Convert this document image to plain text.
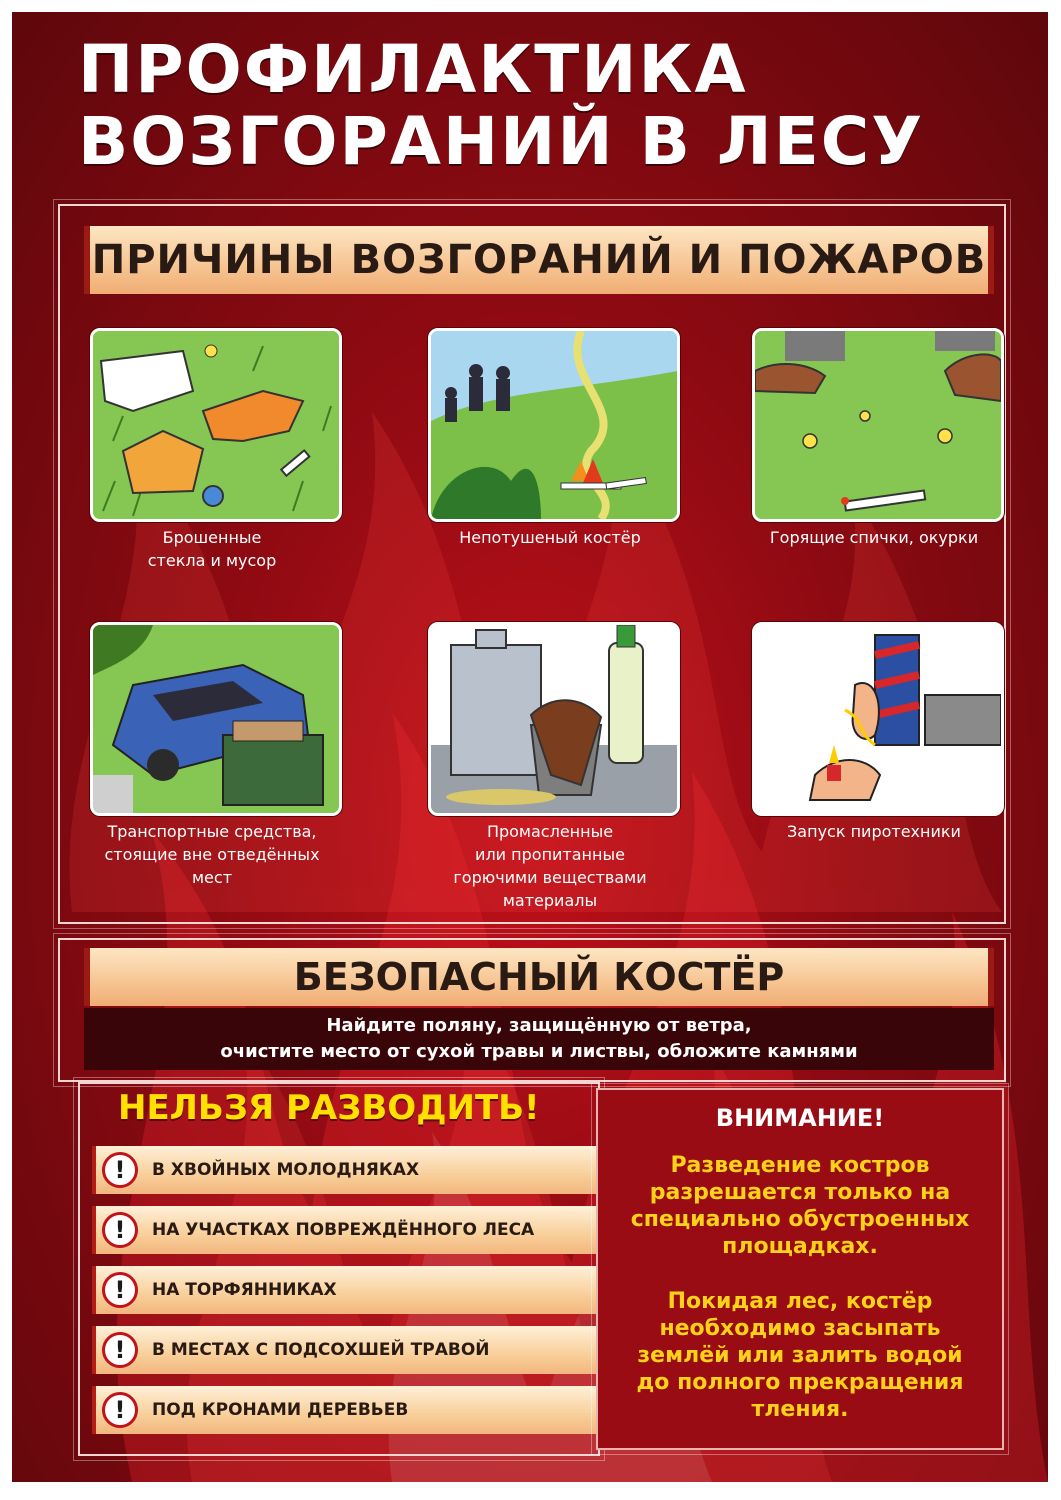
ПРОФИЛАКТИКА
ВОЗГОРАНИЙ В ЛЕСУ
ПРИЧИНЫ ВОЗГОРАНИЙ И ПОЖАРОВ
Брошенные
стекла и мусор
Непотушеный костёр	Горящие спички, окурки
Транспортные средства,
стоящие вне отведённых
мест
Промасленные
или пропитанные
горючими веществами
материалы
Запуск пиротехники
БЕЗОПАСНЫЙ КОСТЁР
Найдите поляну, защищённую от ветра,
очистите место от сухой травы и листвы, обложите камнями
НЕЛЬЗЯ РАЗВОДИТЬ!
!	В ХВОЙНЫХ МОЛОДНЯКАХ
!	НА УЧАСТКАХ ПОВРЕЖДЁННОГО ЛЕСА
!	НА ТОРФЯННИКАХ
!	В МЕСТАХ С ПОДСОХШЕЙ ТРАВОЙ
!	ПОД КРОНАМИ ДЕРЕВЬЕВ
ВНИМАНИЕ!
Разведение костров
разрешается только на
специально обустроенных
площадках.
Покидая лес, костёр
необходимо засыпать
землёй или залить водой
до полного прекращения
тления.
